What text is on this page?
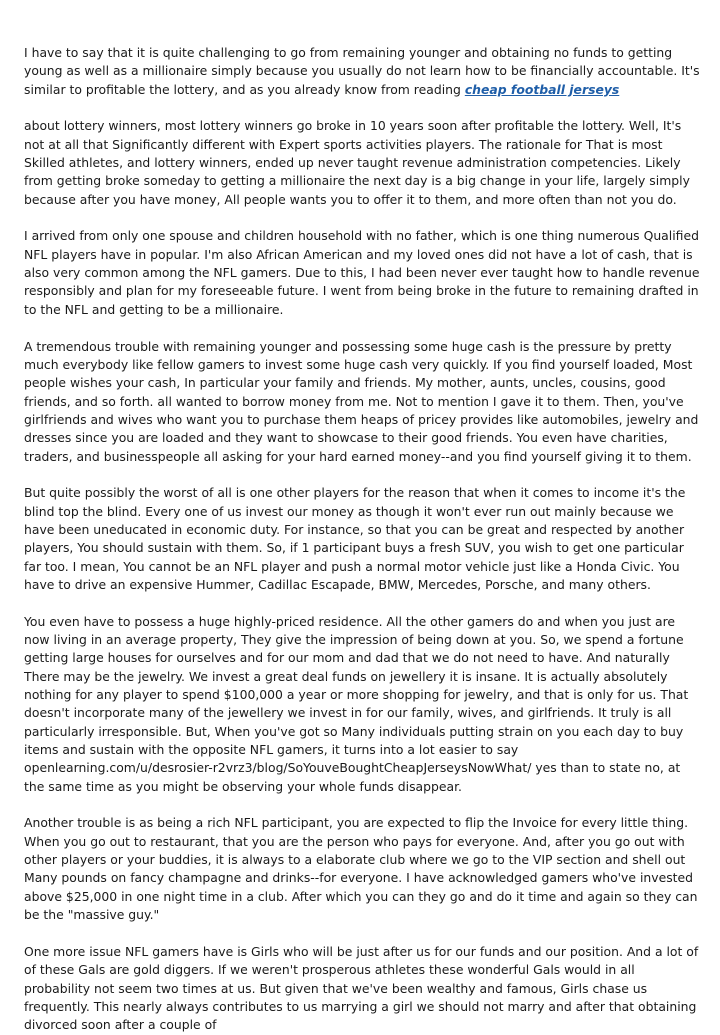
I have to say that it is quite challenging to go from remaining younger and obtaining no funds to getting young as well as a millionaire simply because you usually do not learn how to be financially accountable. It's similar to profitable the lottery, and as you already know from reading cheap football jerseys

about lottery winners, most lottery winners go broke in 10 years soon after profitable the lottery. Well, It's not at all that Significantly different with Expert sports activities players. The rationale for That is most Skilled athletes, and lottery winners, ended up never taught revenue administration competencies. Likely from getting broke someday to getting a millionaire the next day is a big change in your life, largely simply because after you have money, All people wants you to offer it to them, and more often than not you do.

I arrived from only one spouse and children household with no father, which is one thing numerous Qualified NFL players have in popular. I'm also African American and my loved ones did not have a lot of cash, that is also very common among the NFL gamers. Due to this, I had been never ever taught how to handle revenue responsibly and plan for my foreseeable future. I went from being broke in the future to remaining drafted in to the NFL and getting to be a millionaire.

A tremendous trouble with remaining younger and possessing some huge cash is the pressure by pretty much everybody like fellow gamers to invest some huge cash very quickly. If you find yourself loaded, Most people wishes your cash, In particular your family and friends. My mother, aunts, uncles, cousins, good friends, and so forth. all wanted to borrow money from me. Not to mention I gave it to them. Then, you've girlfriends and wives who want you to purchase them heaps of pricey provides like automobiles, jewelry and dresses since you are loaded and they want to showcase to their good friends. You even have charities, traders, and businesspeople all asking for your hard earned money--and you find yourself giving it to them.

But quite possibly the worst of all is one other players for the reason that when it comes to income it's the blind top the blind. Every one of us invest our money as though it won't ever run out mainly because we have been uneducated in economic duty. For instance, so that you can be great and respected by another players, You should sustain with them. So, if 1 participant buys a fresh SUV, you wish to get one particular far too. I mean, You cannot be an NFL player and push a normal motor vehicle just like a Honda Civic. You have to drive an expensive Hummer, Cadillac Escapade, BMW, Mercedes, Porsche, and many others.

You even have to possess a huge highly-priced residence. All the other gamers do and when you just are now living in an average property, They give the impression of being down at you. So, we spend a fortune getting large houses for ourselves and for our mom and dad that we do not need to have. And naturally There may be the jewelry. We invest a great deal funds on jewellery it is insane. It is actually absolutely nothing for any player to spend $100,000 a year or more shopping for jewelry, and that is only for us. That doesn't incorporate many of the jewellery we invest in for our family, wives, and girlfriends. It truly is all particularly irresponsible. But, When you've got so Many individuals putting strain on you each day to buy items and sustain with the opposite NFL gamers, it turns into a lot easier to say openlearning.com/u/desrosier-r2vrz3/blog/SoYouveBoughtCheapJerseysNowWhat/ yes than to state no, at the same time as you might be observing your whole funds disappear.

Another trouble is as being a rich NFL participant, you are expected to flip the Invoice for every little thing. When you go out to restaurant, that you are the person who pays for everyone. And, after you go out with other players or your buddies, it is always to a elaborate club where we go to the VIP section and shell out Many pounds on fancy champagne and drinks--for everyone. I have acknowledged gamers who've invested above $25,000 in one night time in a club. After which you can they go and do it time and again so they can be the "massive guy."

One more issue NFL gamers have is Girls who will be just after us for our funds and our position. And a lot of of these Gals are gold diggers. If we weren't prosperous athletes these wonderful Gals would in all probability not seem two times at us. But given that we've been wealthy and famous, Girls chase us frequently. This nearly always contributes to us marrying a girl we should not marry and after that obtaining divorced soon after a couple of
